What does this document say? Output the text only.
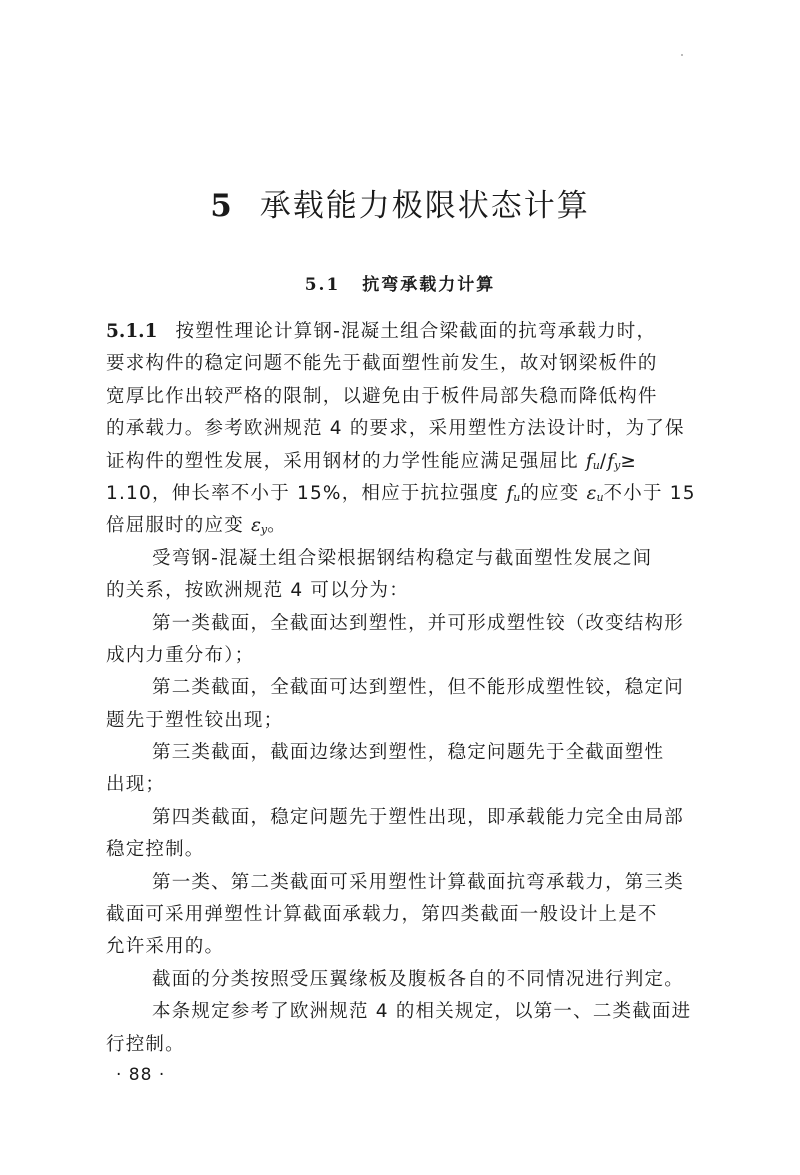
5 承载能力极限状态计算
5.1 抗弯承载力计算
5.1.1 按塑性理论计算钢-混凝土组合梁截面的抗弯承载力时，
要求构件的稳定问题不能先于截面塑性前发生，故对钢梁板件的
宽厚比作出较严格的限制，以避免由于板件局部失稳而降低构件
的承载力。参考欧洲规范 4 的要求，采用塑性方法设计时，为了保
证构件的塑性发展，采用钢材的力学性能应满足强屈比 $f_u/f_y\ge$
1.10，伸长率不小于 15%，相应于抗拉强度 $f_u$的应变 $\varepsilon_u$不小于 15
倍屈服时的应变 $\varepsilon_y$。
受弯钢-混凝土组合梁根据钢结构稳定与截面塑性发展之间
的关系，按欧洲规范 4 可以分为：
第一类截面，全截面达到塑性，并可形成塑性铰（改变结构形
成内力重分布）；
第二类截面，全截面可达到塑性，但不能形成塑性铰，稳定问
题先于塑性铰出现；
第三类截面，截面边缘达到塑性，稳定问题先于全截面塑性
出现；
第四类截面，稳定问题先于塑性出现，即承载能力完全由局部
稳定控制。
第一类、第二类截面可采用塑性计算截面抗弯承载力，第三类
截面可采用弹塑性计算截面承载力，第四类截面一般设计上是不
允许采用的。
截面的分类按照受压翼缘板及腹板各自的不同情况进行判定。
本条规定参考了欧洲规范 4 的相关规定，以第一、二类截面进
行控制。
· 88 ·
